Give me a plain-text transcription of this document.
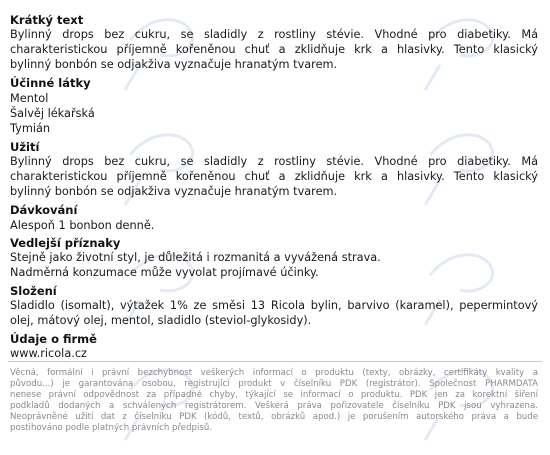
Krátký text
Bylinný drops bez cukru, se sladidly z rostliny stévie. Vhodné pro diabetiky. Má
charakteristickou příjemně kořeněnou chuť a zklidňuje krk a hlasivky. Tento klasický
bylinný bonbón se odjakživa vyznačuje hranatým tvarem.
Účinné látky
Mentol
Šalvěj lékařská
Tymián
Užití
Bylinný drops bez cukru, se sladidly z rostliny stévie. Vhodné pro diabetiky. Má
charakteristickou příjemně kořeněnou chuť a zklidňuje krk a hlasivky. Tento klasický
bylinný bonbón se odjakživa vyznačuje hranatým tvarem.
Dávkování
Alespoň 1 bonbon denně.
Vedlejší příznaky
Stejně jako životní styl, je důležitá i rozmanitá a vyvážená strava.
Nadměrná konzumace může vyvolat projímavé účinky.
Složení
Sladidlo (isomalt), výtažek 1% ze směsi 13 Ricola bylin, barvivo (karamel), pepermintový
olej, mátový olej, mentol, sladidlo (steviol-glykosidy).
Údaje o firmě
www.ricola.cz
Věcná, formální i právní bezchybnost veškerých informací o produktu (texty, obrázky, certifikáty kvality a
původu...) je garantována osobou, registrující produkt v číselníku PDK (registrátor). Společnost PHARMDATA
nenese právní odpovědnost za případné chyby, týkající se informací o produktu. PDK jen za korektní šíření
podkladů dodaných a schválených registrátorem. Veškerá práva pořizovatele číselníku PDK jsou vyhrazena.
Neoprávněné užití dat z číselníku PDK (kódů, textů, obrázků apod.) je porušením autorského práva a bude
postihováno podle platných právních předpisů.
